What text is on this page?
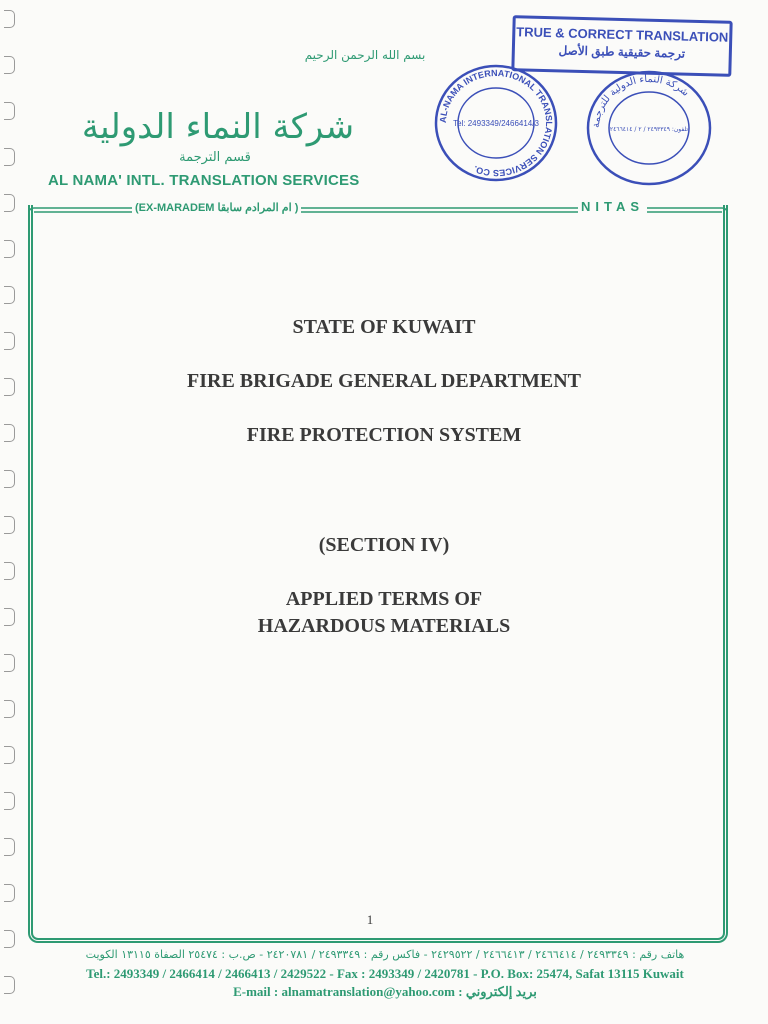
بسم الله الرحمن الرحيم
شركة النماء الدولية
قسم الترجمة
AL NAMA' INTL. TRANSLATION SERVICES
TRUE & CORRECT TRANSLATION
ترجمة حقيقية طبق الأصل
AL-NAMA INTERNATIONAL TRANSLATION SERVICES CO.
Tel: 2493349/2466414/3	شركة النماء الدولية للترجمة
تلفون: ٢٤٩٣٣٤٩ / ٢ / ٢٤٦٦٤١٤
(EX-MARADEM ام المرادم سابقا )	NITAS
STATE OF KUWAIT
FIRE BRIGADE GENERAL DEPARTMENT
FIRE PROTECTION SYSTEM
(SECTION IV)
APPLIED TERMS OF
HAZARDOUS MATERIALS
1
هاتف رقم : ٢٤٩٣٣٤٩ / ٢٤٦٦٤١٤ / ٢٤٦٦٤١٣ / ٢٤٢٩٥٢٢ - فاكس رقم : ٢٤٩٣٣٤٩ / ٢٤٢٠٧٨١ - ص.ب : ٢٥٤٧٤ الصفاة ١٣١١٥ الكويت
Tel.: 2493349 / 2466414 / 2466413 / 2429522 - Fax : 2493349 / 2420781 - P.O. Box: 25474, Safat 13115 Kuwait
E-mail : alnamatranslation@yahoo.com : بريد إلكتروني
